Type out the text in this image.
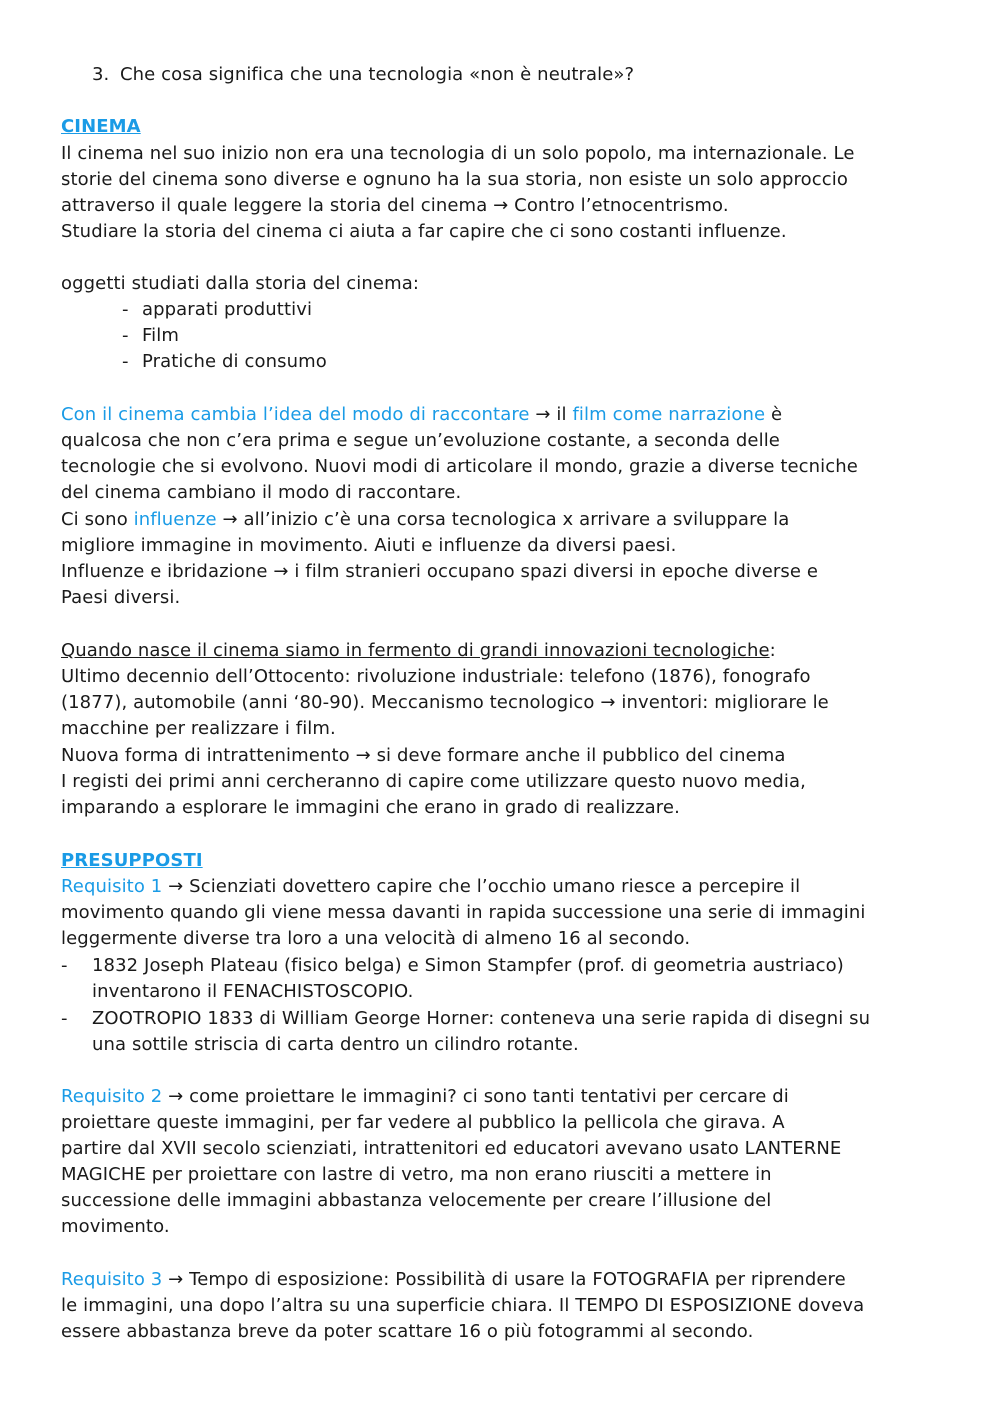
3. Che cosa significa che una tecnologia «non è neutrale»?
CINEMA
Il cinema nel suo inizio non era una tecnologia di un solo popolo, ma internazionale. Le
storie del cinema sono diverse e ognuno ha la sua storia, non esiste un solo approccio
attraverso il quale leggere la storia del cinema → Contro l’etnocentrismo.
Studiare la storia del cinema ci aiuta a far capire che ci sono costanti influenze.
oggetti studiati dalla storia del cinema:
- apparati produttivi
- Film
- Pratiche di consumo
Con il cinema cambia l’idea del modo di raccontare → il film come narrazione è
qualcosa che non c’era prima e segue un’evoluzione costante, a seconda delle
tecnologie che si evolvono. Nuovi modi di articolare il mondo, grazie a diverse tecniche
del cinema cambiano il modo di raccontare.
Ci sono influenze → all’inizio c’è una corsa tecnologica x arrivare a sviluppare la
migliore immagine in movimento. Aiuti e influenze da diversi paesi.
Influenze e ibridazione → i film stranieri occupano spazi diversi in epoche diverse e
Paesi diversi.
Quando nasce il cinema siamo in fermento di grandi innovazioni tecnologiche:
Ultimo decennio dell’Ottocento: rivoluzione industriale: telefono (1876), fonografo
(1877), automobile (anni ‘80-90). Meccanismo tecnologico → inventori: migliorare le
macchine per realizzare i film.
Nuova forma di intrattenimento → si deve formare anche il pubblico del cinema
I registi dei primi anni cercheranno di capire come utilizzare questo nuovo media,
imparando a esplorare le immagini che erano in grado di realizzare.
PRESUPPOSTI
Requisito 1 → Scienziati dovettero capire che l’occhio umano riesce a percepire il
movimento quando gli viene messa davanti in rapida successione una serie di immagini
leggermente diverse tra loro a una velocità di almeno 16 al secondo.
- 1832 Joseph Plateau (fisico belga) e Simon Stampfer (prof. di geometria austriaco)
inventarono il FENACHISTOSCOPIO.
- ZOOTROPIO 1833 di William George Horner: conteneva una serie rapida di disegni su
una sottile striscia di carta dentro un cilindro rotante.
Requisito 2 → come proiettare le immagini? ci sono tanti tentativi per cercare di
proiettare queste immagini, per far vedere al pubblico la pellicola che girava. A
partire dal XVII secolo scienziati, intrattenitori ed educatori avevano usato LANTERNE
MAGICHE per proiettare con lastre di vetro, ma non erano riusciti a mettere in
successione delle immagini abbastanza velocemente per creare l’illusione del
movimento.
Requisito 3 → Tempo di esposizione: Possibilità di usare la FOTOGRAFIA per riprendere
le immagini, una dopo l’altra su una superficie chiara. Il TEMPO DI ESPOSIZIONE doveva
essere abbastanza breve da poter scattare 16 o più fotogrammi al secondo.
